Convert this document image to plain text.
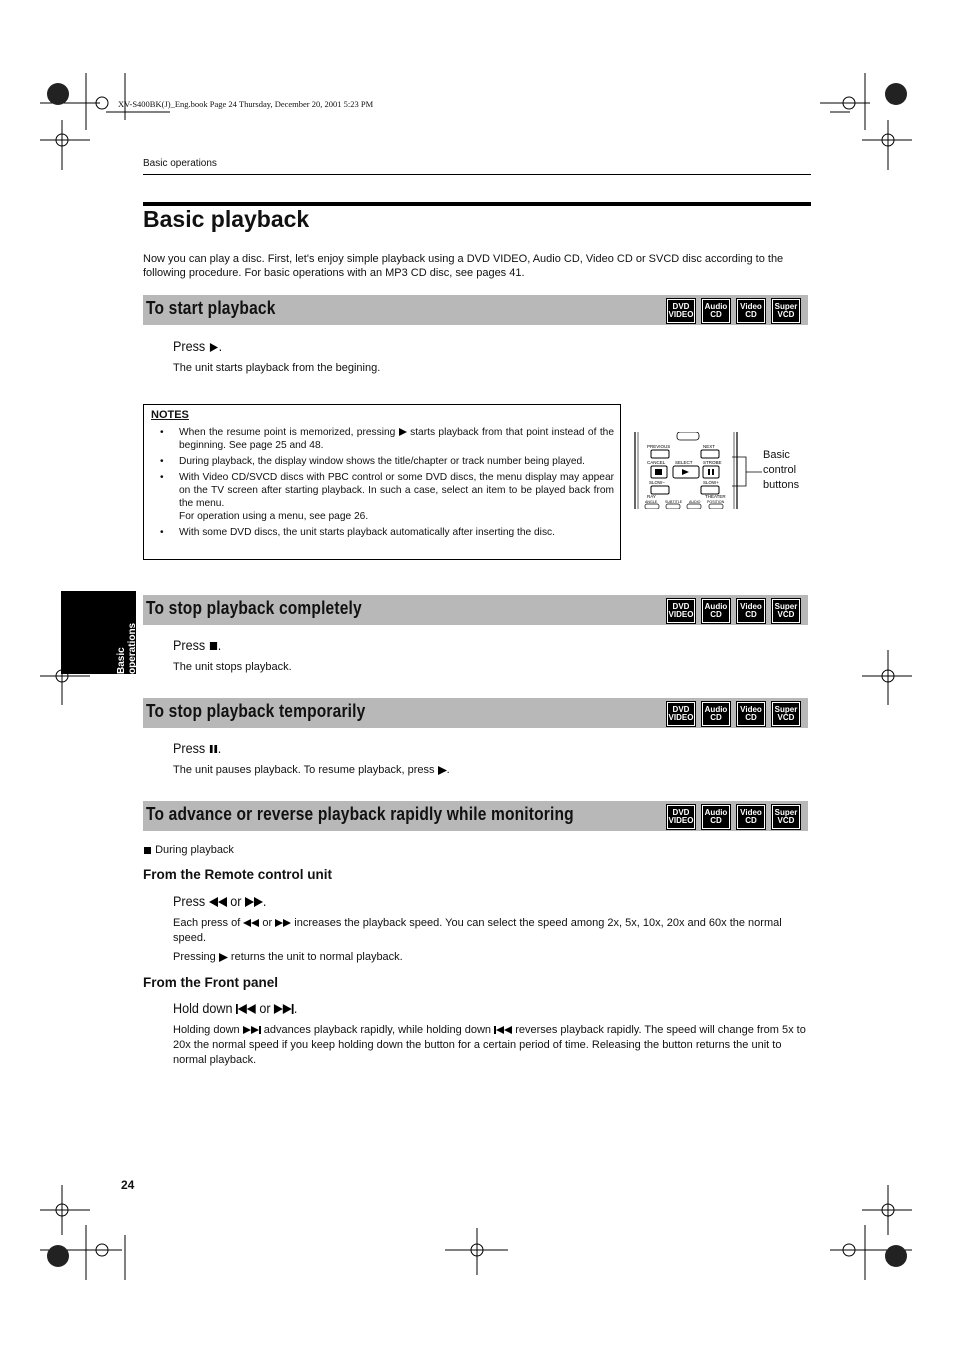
XV-S400BK(J)_Eng.book Page 24 Thursday, December 20, 2001 5:23 PM
Basic operations
Basic playback
Now you can play a disc. First, let's enjoy simple playback using a DVD VIDEO, Audio CD, Video CD or SVCD disc according to the following procedure. For basic operations with an MP3 CD disc, see pages 41.
To start playback	DVD
VIDEO
Audio
CD
Video
CD
Super
VCD
Press .
The unit starts playback from the begining.
NOTES
• When the resume point is memorized, pressing starts playback from that point instead of the beginning. See page 25 and 48.
• During playback, the display window shows the title/chapter or track number being played.
• With Video CD/SVCD discs with PBC control or some DVD discs, the menu display may appear on the TV screen after starting playback. In such a case, select an item to be played back from the menu.
For operation using a menu, see page 26.
• With some DVD discs, the unit starts playback automatically after inserting the disc.
PREVIOUS	NEXT
CANCEL SELECT STROBE
SLOW−	SLOW+
RAY	THEATER
ANGLE SUBTITLE AUDIO POSITION
Basic
control
buttons
Basic operations
To stop playback completely	DVD
VIDEO
Audio
CD
Video
CD
Super
VCD
Press .
The unit stops playback.
To stop playback temporarily	DVD
VIDEO
Audio
CD
Video
CD
Super
VCD
Press .
The unit pauses playback. To resume playback, press .
To advance or reverse playback rapidly while monitoring	DVD
VIDEO
Audio
CD
Video
CD
Super
VCD
During playback
From the Remote control unit
Press or .
Each press of or increases the playback speed. You can select the speed among 2x, 5x, 10x, 20x and 60x the normal speed.
Pressing returns the unit to normal playback.
From the Front panel
Hold down or .
Holding down advances playback rapidly, while holding down reverses playback rapidly. The speed will change from 5x to 20x the normal speed if you keep holding down the button for a certain period of time. Releasing the button returns the unit to normal playback.
24
